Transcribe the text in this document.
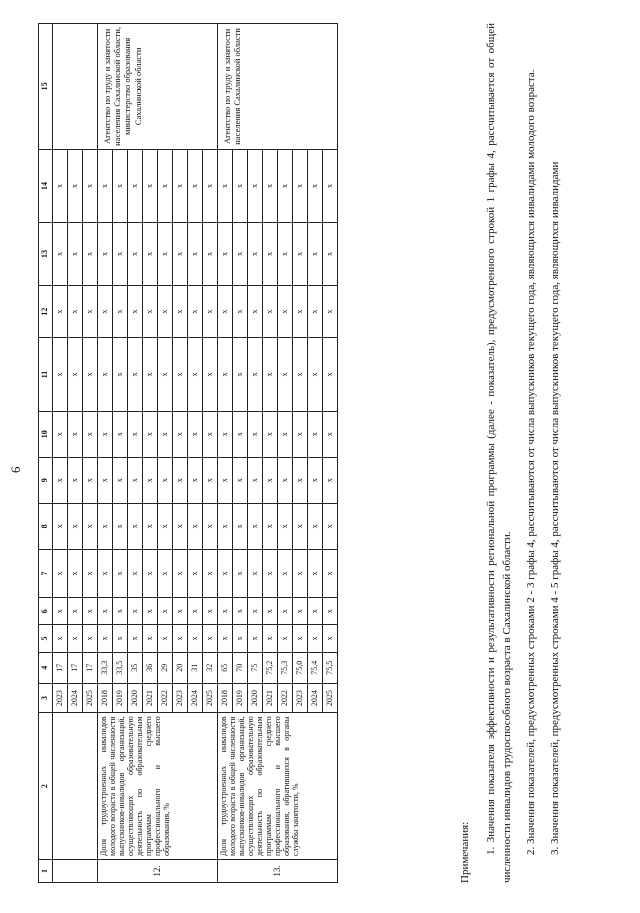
6
1	2	3	4	5	6	7	8	9	10	11	12	13	14	15
		2023	17	x	x	x	x	x	x	x	x	x	x	
		2024	17	x	x	x	x	x	x	x	x	x	x	
		2025	17	x	x	x	x	x	x	x	x	x	x	
12.	Доля трудоустроенных инвалидов молодого возраста в общей численности выпускников-инвалидов организаций, осуществляющих образовательную деятельность по образовательным программам среднего профессионального и высшего образования, %	2018	33,3	x	x	x	x	x	x	x	x	x	x	Агентство по труду и занятости населения Сахалинской области, министерство образования Сахалинской области
		2019	33,5	x	x	x	x	x	x	x	x	x	x	
		2020	35	x	x	x	x	x	x	x	x	x	x	
		2021	36	x	x	x	x	x	x	x	x	x	x	
		2022	29	x	x	x	x	x	x	x	x	x	x	
		2023	20	x	x	x	x	x	x	x	x	x	x	
		2024	31	x	x	x	x	x	x	x	x	x	x	
		2025	32	x	x	x	x	x	x	x	x	x	x	
13.	Доля трудоустроенных инвалидов молодого возраста в общей численности выпускников-инвалидов организаций, осуществляющих образовательную деятельность по образовательным программам среднего профессионального и высшего образования, обратившихся в органы службы занятости, %	2018	65	x	x	x	x	x	x	x	x	x	x	Агентство по труду и занятости населения Сахалинской области
		2019	70	x	x	x	x	x	x	x	x	x	x	
		2020	75	x	x	x	x	x	x	x	x	x	x	
		2021	75,2	x	x	x	x	x	x	x	x	x	x	
		2022	75,3	x	x	x	x	x	x	x	x	x	x	
		2023	75,0	x	x	x	x	x	x	x	x	x	x	
		2024	75,4	x	x	x	x	x	x	x	x	x	x	
		2025	75,5	x	x	x	x	x	x	x	x	x	x	

Примечания: 1. Значения показателя эффективности и результативности региональной программы (далее - показатель), предусмотренного строкой 1 графы 4, рассчитывается от общей численности инвалидов трудоспособного возраста в Сахалинской области. 2. Значения показателей, предусмотренных строками 2 - 3 графы 4, рассчитываются от числа выпускников текущего года, являющихся инвалидами молодого возраста. 3. Значения показателей, предусмотренных строками 4 - 5 графы 4, рассчитываются от числа выпускников текущего года, являющихся инвалидами
